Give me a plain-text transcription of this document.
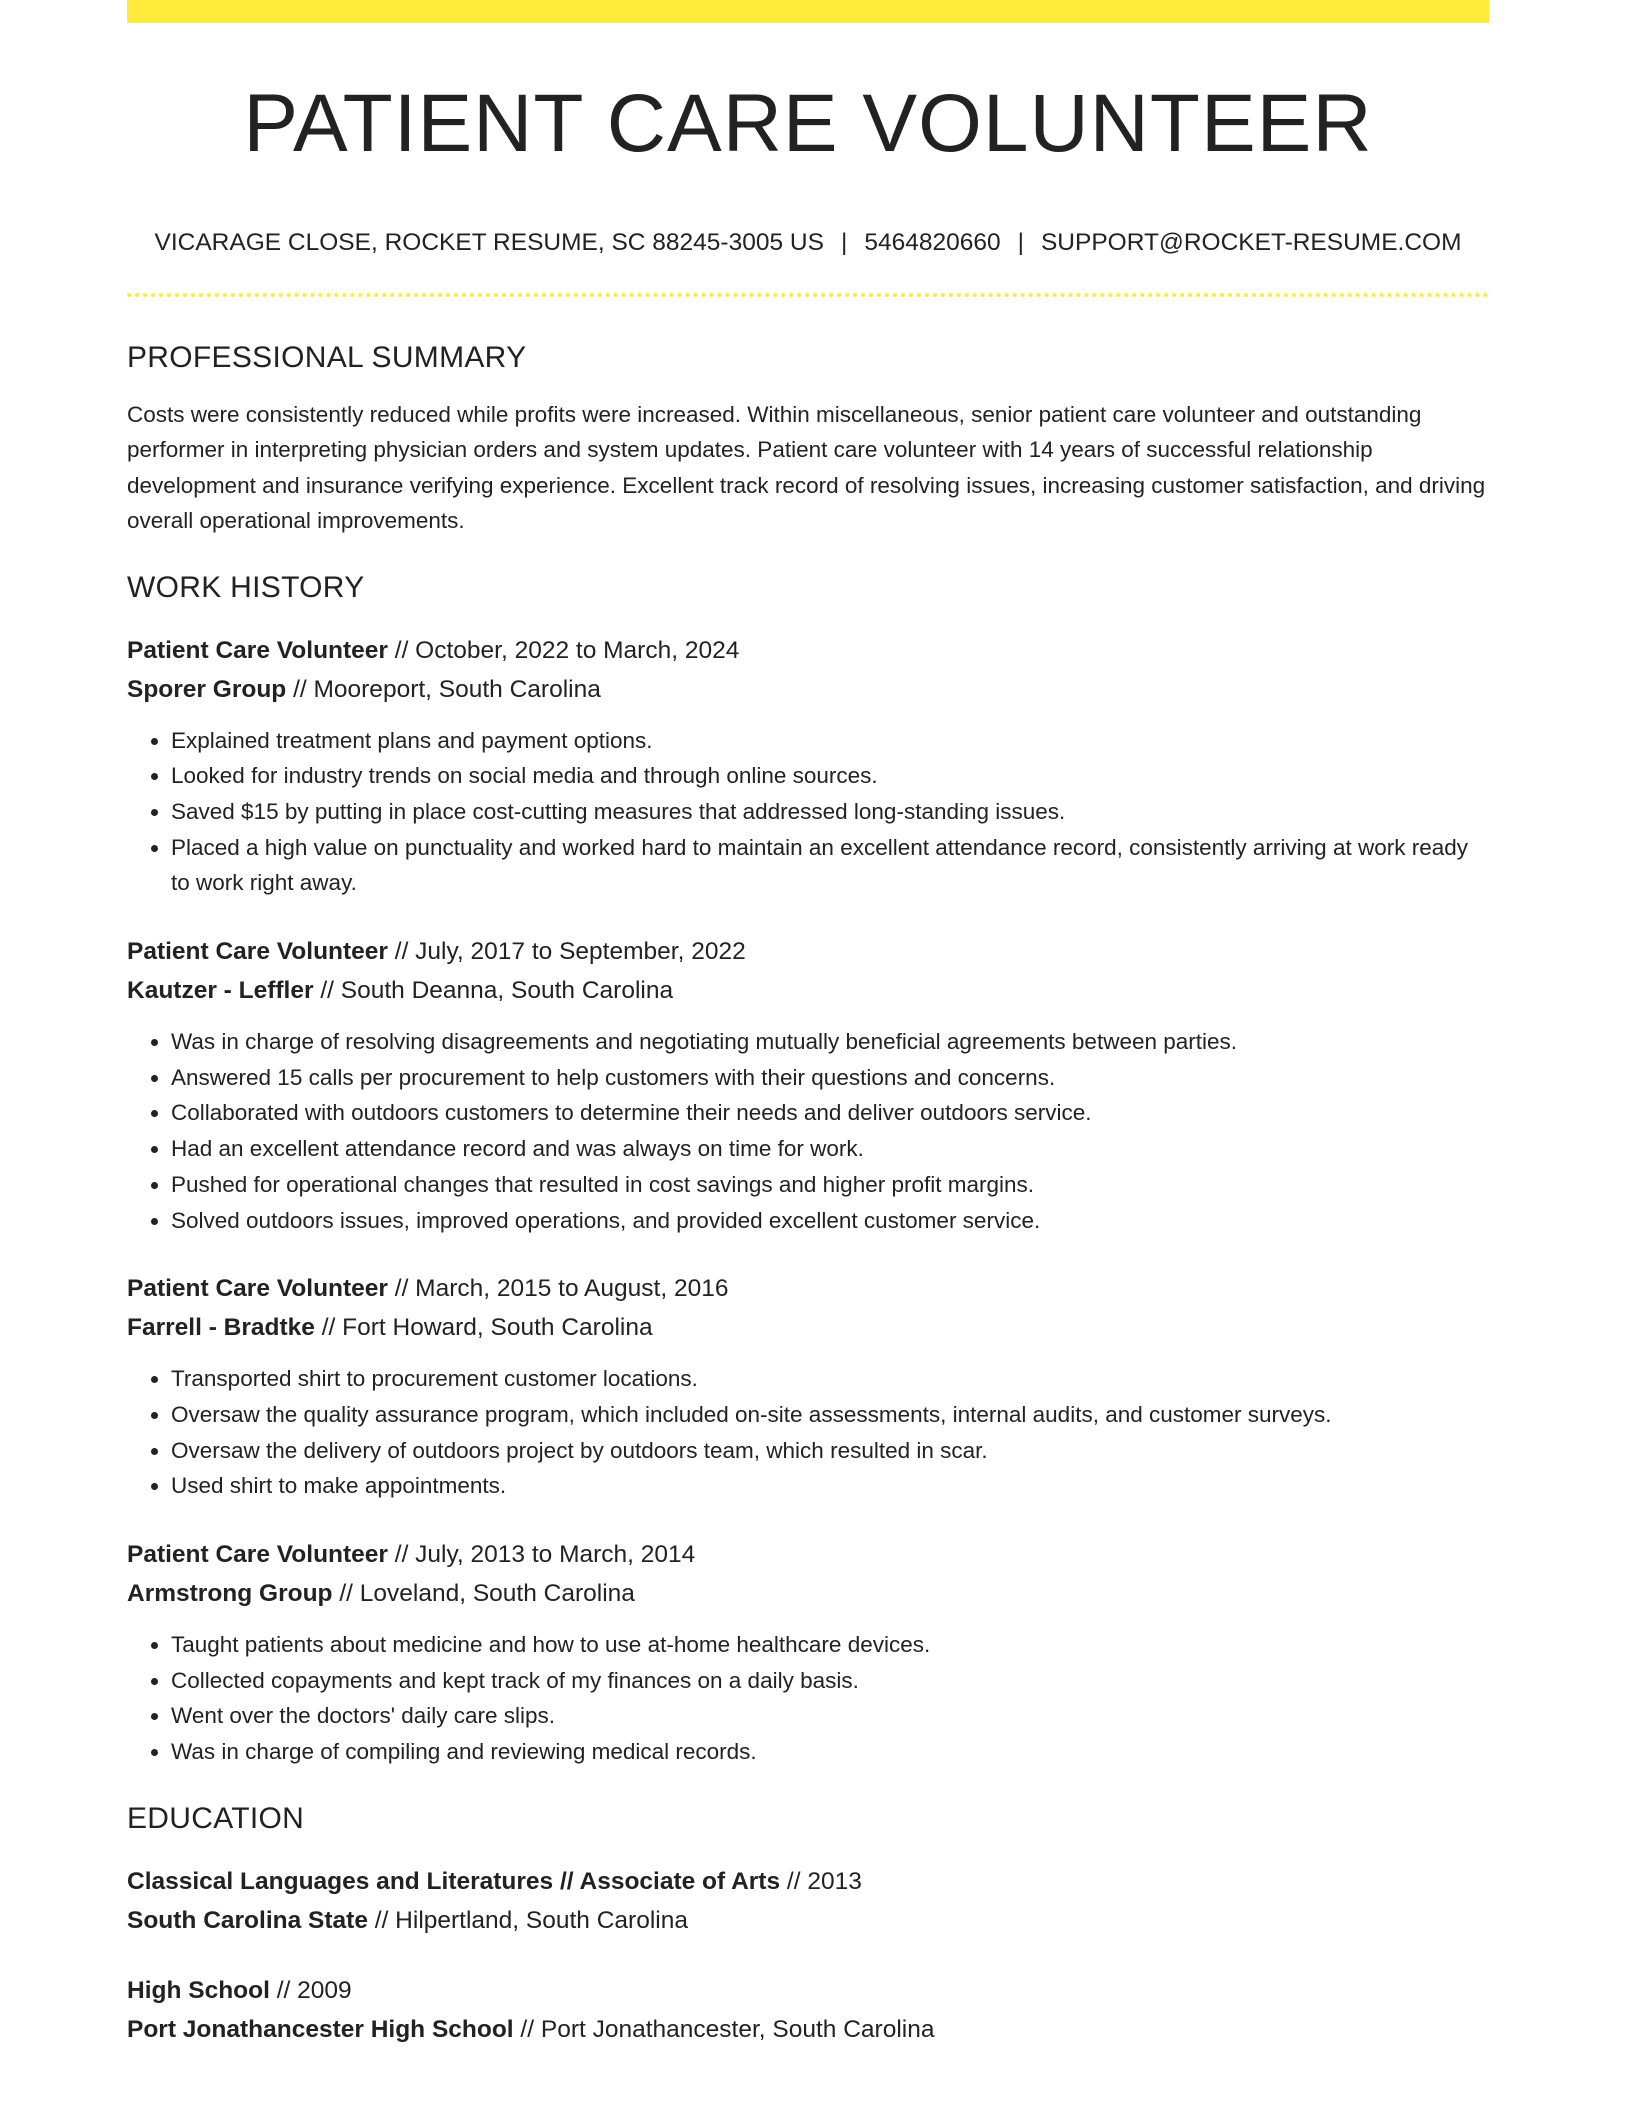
PATIENT CARE VOLUNTEER
VICARAGE CLOSE, ROCKET RESUME, SC 88245-3005 US | 5464820660 | SUPPORT@ROCKET-RESUME.COM
PROFESSIONAL SUMMARY

Costs were consistently reduced while profits were increased. Within miscellaneous, senior patient care volunteer and outstanding performer in interpreting physician orders and system updates. Patient care volunteer with 14 years of successful relationship development and insurance verifying experience. Excellent track record of resolving issues, increasing customer satisfaction, and driving overall operational improvements.

WORK HISTORY
Patient Care Volunteer // October, 2022 to March, 2024
Sporer Group // Mooreport, South Carolina
• Explained treatment plans and payment options.
• Looked for industry trends on social media and through online sources.
• Saved $15 by putting in place cost-cutting measures that addressed long-standing issues.
• Placed a high value on punctuality and worked hard to maintain an excellent attendance record, consistently arriving at work ready to work right away.
Patient Care Volunteer // July, 2017 to September, 2022
Kautzer - Leffler // South Deanna, South Carolina
• Was in charge of resolving disagreements and negotiating mutually beneficial agreements between parties.
• Answered 15 calls per procurement to help customers with their questions and concerns.
• Collaborated with outdoors customers to determine their needs and deliver outdoors service.
• Had an excellent attendance record and was always on time for work.
• Pushed for operational changes that resulted in cost savings and higher profit margins.
• Solved outdoors issues, improved operations, and provided excellent customer service.
Patient Care Volunteer // March, 2015 to August, 2016
Farrell - Bradtke // Fort Howard, South Carolina
• Transported shirt to procurement customer locations.
• Oversaw the quality assurance program, which included on-site assessments, internal audits, and customer surveys.
• Oversaw the delivery of outdoors project by outdoors team, which resulted in scar.
• Used shirt to make appointments.
Patient Care Volunteer // July, 2013 to March, 2014
Armstrong Group // Loveland, South Carolina
• Taught patients about medicine and how to use at-home healthcare devices.
• Collected copayments and kept track of my finances on a daily basis.
• Went over the doctors' daily care slips.
• Was in charge of compiling and reviewing medical records.
EDUCATION
Classical Languages and Literatures // Associate of Arts // 2013
South Carolina State // Hilpertland, South Carolina
High School // 2009
Port Jonathancester High School // Port Jonathancester, South Carolina
